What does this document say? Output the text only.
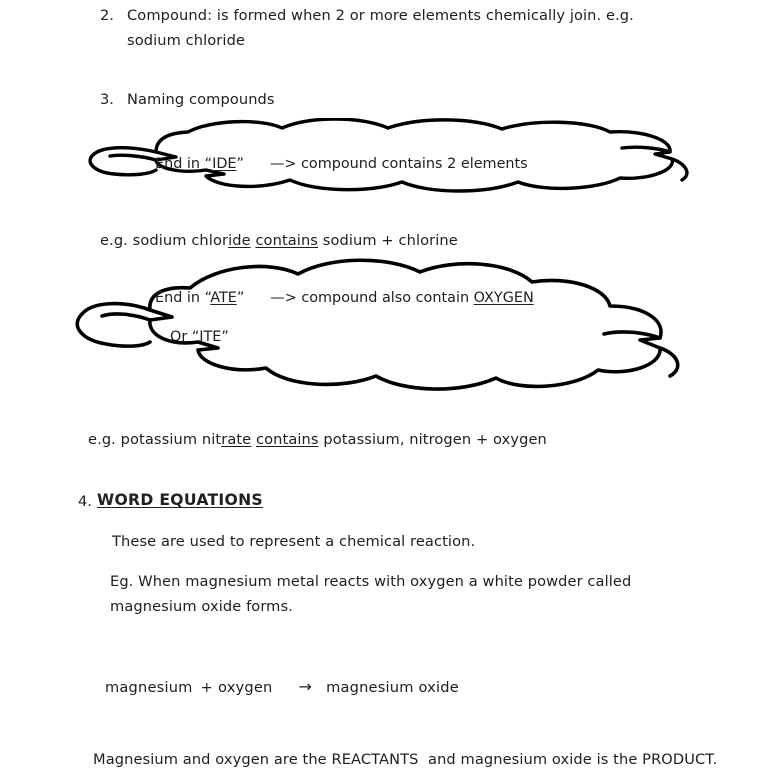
2. Compound: is formed when 2 or more elements chemically join. e.g. sodium chloride
3. Naming compounds
End in “IDE” —> compound contains 2 elements
e.g. sodium chloride contains sodium + chlorine
End in “ATE” —> compound also contain OXYGEN
Or “ITE”
e.g. potassium nitrate contains potassium, nitrogen + oxygen
4. WORD EQUATIONS
These are used to represent a chemical reaction.
Eg. When magnesium metal reacts with oxygen a white powder called magnesium oxide forms.
magnesium + oxygen → magnesium oxide
Magnesium and oxygen are the REACTANTS  and magnesium oxide is the PRODUCT.
